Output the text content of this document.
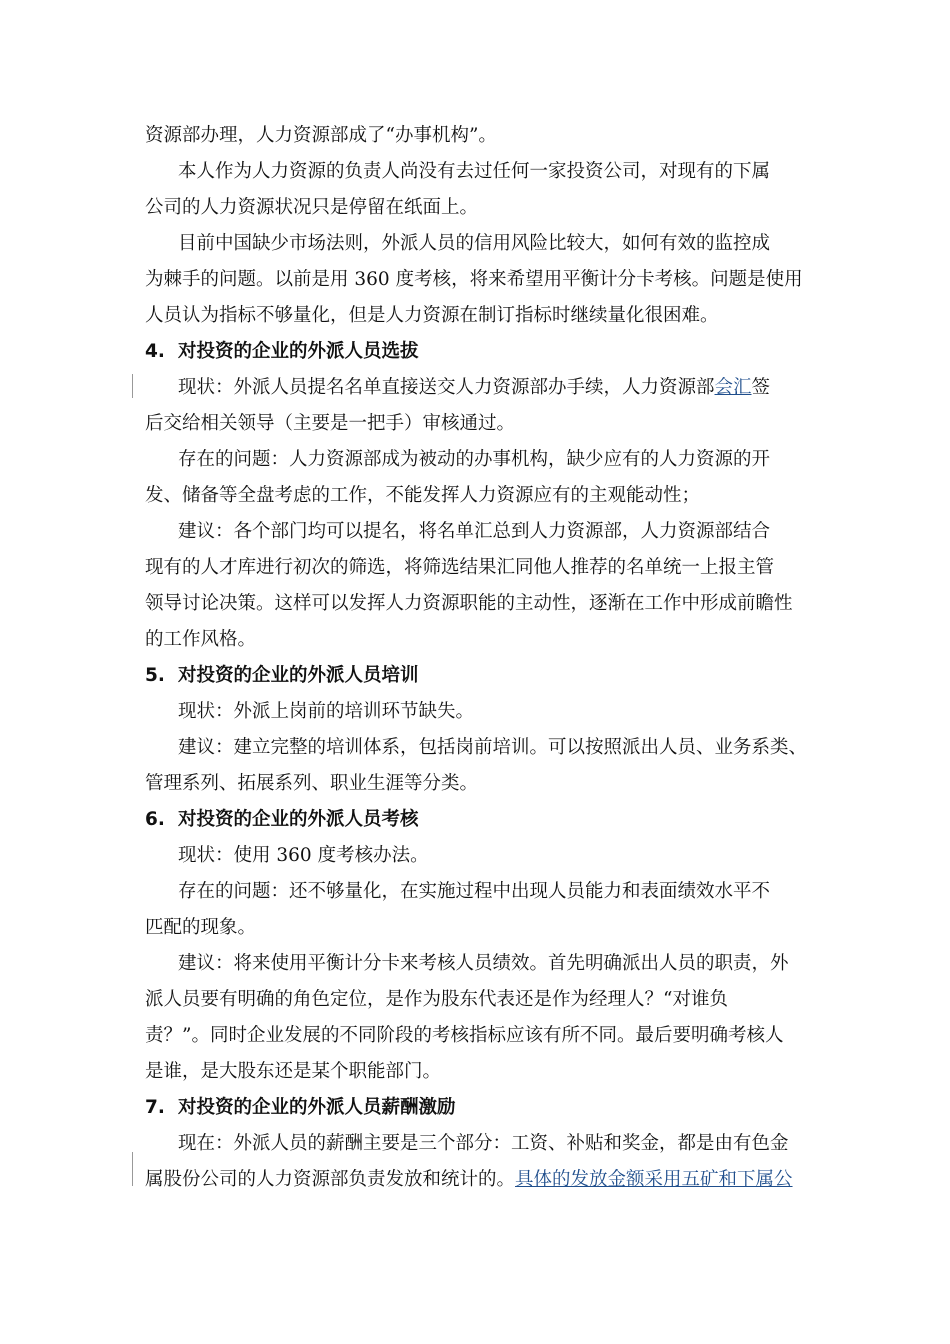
资源部办理，人力资源部成了“办事机构”。
本人作为人力资源的负责人尚没有去过任何一家投资公司，对现有的下属
公司的人力资源状况只是停留在纸面上。
目前中国缺少市场法则，外派人员的信用风险比较大，如何有效的监控成
为棘手的问题。以前是用 360 度考核，将来希望用平衡计分卡考核。问题是使用
人员认为指标不够量化，但是人力资源在制订指标时继续量化很困难。
4. 对投资的企业的外派人员选拔
现状：外派人员提名名单直接送交人力资源部办手续，人力资源部会汇签
后交给相关领导（主要是一把手）审核通过。
存在的问题：人力资源部成为被动的办事机构，缺少应有的人力资源的开
发、储备等全盘考虑的工作，不能发挥人力资源应有的主观能动性；
建议：各个部门均可以提名，将名单汇总到人力资源部，人力资源部结合
现有的人才库进行初次的筛选，将筛选结果汇同他人推荐的名单统一上报主管
领导讨论决策。这样可以发挥人力资源职能的主动性，逐渐在工作中形成前瞻性
的工作风格。
5. 对投资的企业的外派人员培训
现状：外派上岗前的培训环节缺失。
建议：建立完整的培训体系，包括岗前培训。可以按照派出人员、业务系类、
管理系列、拓展系列、职业生涯等分类。
6. 对投资的企业的外派人员考核
现状：使用 360 度考核办法。
存在的问题：还不够量化，在实施过程中出现人员能力和表面绩效水平不
匹配的现象。
建议：将来使用平衡计分卡来考核人员绩效。首先明确派出人员的职责，外
派人员要有明确的角色定位，是作为股东代表还是作为经理人？“对谁负
责？”。同时企业发展的不同阶段的考核指标应该有所不同。最后要明确考核人
是谁，是大股东还是某个职能部门。
7. 对投资的企业的外派人员薪酬激励
现在：外派人员的薪酬主要是三个部分：工资、补贴和奖金，都是由有色金
属股份公司的人力资源部负责发放和统计的。具体的发放金额采用五矿和下属公
